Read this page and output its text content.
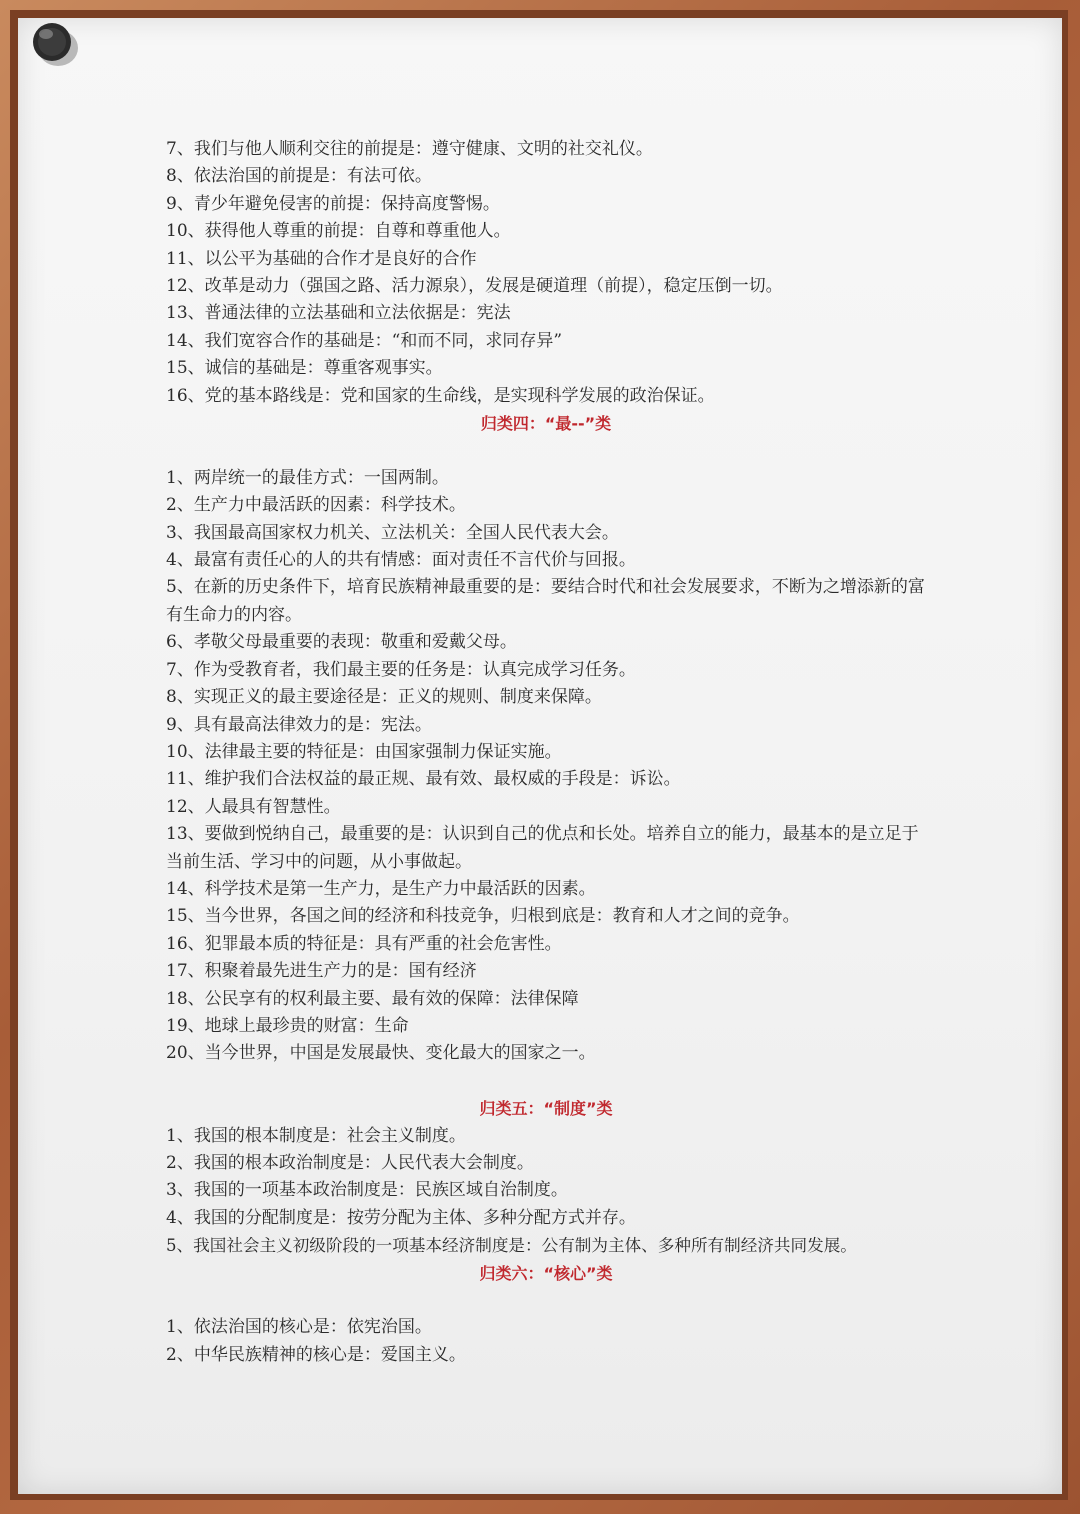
7、我们与他人顺利交往的前提是：遵守健康、文明的社交礼仪。
8、依法治国的前提是：有法可依。
9、青少年避免侵害的前提：保持高度警惕。
10、获得他人尊重的前提：自尊和尊重他人。
11、以公平为基础的合作才是良好的合作
12、改革是动力（强国之路、活力源泉），发展是硬道理（前提），稳定压倒一切。
13、普通法律的立法基础和立法依据是：宪法
14、我们宽容合作的基础是：“和而不同，求同存异”
15、诚信的基础是：尊重客观事实。
16、党的基本路线是：党和国家的生命线，是实现科学发展的政治保证。
归类四：“最--”类
1、两岸统一的最佳方式：一国两制。
2、生产力中最活跃的因素：科学技术。
3、我国最高国家权力机关、立法机关：全国人民代表大会。
4、最富有责任心的人的共有情感：面对责任不言代价与回报。
5、在新的历史条件下，培育民族精神最重要的是：要结合时代和社会发展要求，不断为之增添新的富有生命力的内容。
6、孝敬父母最重要的表现：敬重和爱戴父母。
7、作为受教育者，我们最主要的任务是：认真完成学习任务。
8、实现正义的最主要途径是：正义的规则、制度来保障。
9、具有最高法律效力的是：宪法。
10、法律最主要的特征是：由国家强制力保证实施。
11、维护我们合法权益的最正规、最有效、最权威的手段是：诉讼。
12、人最具有智慧性。
13、要做到悦纳自己，最重要的是：认识到自己的优点和长处。培养自立的能力，最基本的是立足于当前生活、学习中的问题，从小事做起。
14、科学技术是第一生产力，是生产力中最活跃的因素。
15、当今世界，各国之间的经济和科技竞争，归根到底是：教育和人才之间的竞争。
16、犯罪最本质的特征是：具有严重的社会危害性。
17、积聚着最先进生产力的是：国有经济
18、公民享有的权利最主要、最有效的保障：法律保障
19、地球上最珍贵的财富：生命
20、当今世界，中国是发展最快、变化最大的国家之一。
归类五：“制度”类
1、我国的根本制度是：社会主义制度。
2、我国的根本政治制度是：人民代表大会制度。
3、我国的一项基本政治制度是：民族区域自治制度。
4、我国的分配制度是：按劳分配为主体、多种分配方式并存。
5、我国社会主义初级阶段的一项基本经济制度是：公有制为主体、多种所有制经济共同发展。
归类六：“核心”类
1、依法治国的核心是：依宪治国。
2、中华民族精神的核心是：爱国主义。
